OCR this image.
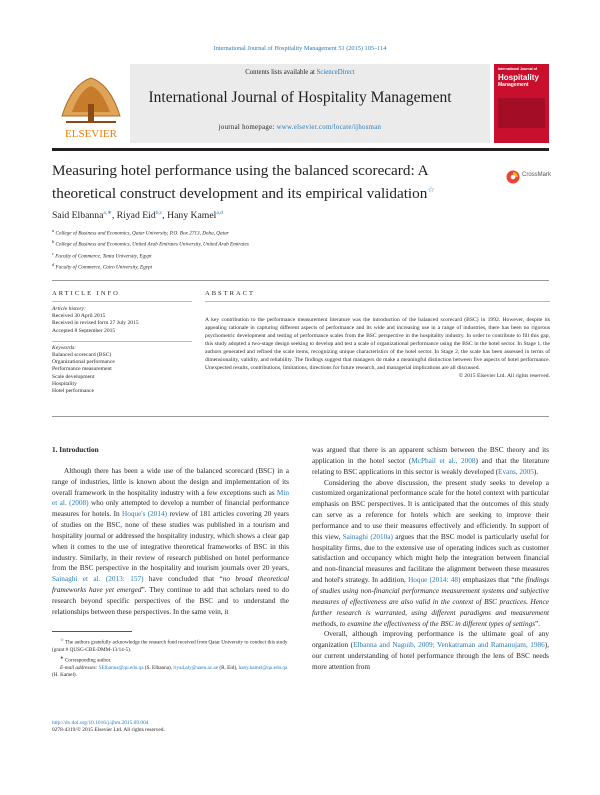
International Journal of Hospitality Management 51 (2015) 105–114
ELSEVIER
Contents lists available at ScienceDirect
International Journal of Hospitality Management
journal homepage: www.elsevier.com/locate/ijhosman
International Journal of
Hospitality
Management
Measuring hotel performance using the balanced scorecard: A theoretical construct development and its empirical validation☆
CrossMark
Said Elbanna$^{a,∗}$, Riyad Eid$^{b,c}$, Hany Kamel$^{a,d}$
$^a$ College of Business and Economics, Qatar University, P.O. Box 2713, Doha, Qatar
$^b$ College of Business and Economics, United Arab Emirates University, United Arab Emirates
$^c$ Faculty of Commerce, Tanta University, Egypt
$^d$ Faculty of Commerce, Cairo University, Egypt
ARTICLE INFO
Article history:
Received 30 April 2015
Received in revised form 27 July 2015
Accepted 8 September 2015
Keywords:
Balanced scorecard (BSC)
Organizational performance
Performance measurement
Scale development
Hospitality
Hotel performance
ABSTRACT
A key contribution to the performance measurement literature was the introduction of the balanced scorecard (BSC) in 1992. However, despite its appealing rationale in capturing different aspects of performance and its wide and increasing use in a range of industries, there has been no rigorous psychometric development and testing of performance scales from the BSC perspective in the hospitality industry. In order to contribute to fill this gap, this study adopted a two-stage design seeking to develop and test a scale of organizational performance using the BSC in the hotel sector. In Stage 1, the authors generated and refined the scale items, recognizing unique characteristics of the hotel sector. In Stage 2, the scale has been assessed in terms of dimensionality, validity, and reliability. The findings suggest that managers do make a meaningful distinction between five aspects of hotel performance. Unexpected results, contributions, limitations, directions for future research, and managerial implications are all discussed.
© 2015 Elsevier Ltd. All rights reserved.
1. Introduction
Although there has been a wide use of the balanced scorecard (BSC) in a range of industries, little is known about the design and implementation of its overall framework in the hospitality industry with a few exceptions such as Min et al. (2008) who only attempted to develop a number of financial performance measures for hotels. In Hoque's (2014) review of 181 articles covering 20 years of studies on the BSC, none of these studies was published in a tourism and hospitality journal or addressed the hospitality industry, which shows a clear gap when it comes to the use of integrative theoretical frameworks of BSC in this industry. Similarly, in their review of research published on hotel performance from the BSC perspective in the hospitality and tourism journals over 20 years, Sainaghi et al. (2013: 157) have concluded that “no broad theoretical frameworks have yet emerged”. They continue to add that scholars need to do research beyond specific perspectives of the BSC and to understand the relationships between these perspectives. In the same vein, it
was argued that there is an apparent schism between the BSC theory and its application in the hotel sector (McPhail et al., 2008) and that the literature relating to BSC applications in this sector is weakly developed (Evans, 2005).
Considering the above discussion, the present study seeks to develop a customized organizational performance scale for the hotel context with particular emphasis on BSC perspectives. It is anticipated that the outcomes of this study can serve as a reference for hotels which are seeking to improve their performance and to use their measures effectively and efficiently. In support of this view, Sainaghi (2010a) argues that the BSC model is particularly useful for hospitality firms, due to the extensive use of operating indices such as customer satisfaction and occupancy which might help the integration between financial and non-financial measures and facilitate the alignment between these measures and hotel's strategy. In addition, Hoque (2014: 48) emphasizes that “the findings of studies using non-financial performance measurement systems and subjective measures of effectiveness are also valid in the context of BSC practices. Hence further research is warranted, using different paradigms and measurement methods, to examine the effectiveness of the BSC in different types of settings”.
Overall, although improving performance is the ultimate goal of any organization (Elbanna and Naguib, 2009; Venkatraman and Ramanujam, 1986), our current understanding of hotel performance through the lens of BSC needs more attention from
☆ The authors gratefully acknowledge the research fund received from Qatar University to conduct this study (grant # QUSG-CBE-DMM-13/14-5).
∗ Corresponding author.
E-mail addresses: SElbanna@qu.edu.qa (S. Elbanna), riyad.aly@uaeu.ac.ae (R. Eid), hany.kamel@qu.edu.qa (H. Kamel).
http://dx.doi.org/10.1016/j.ijhm.2015.09.004
0278-4319/© 2015 Elsevier Ltd. All rights reserved.
